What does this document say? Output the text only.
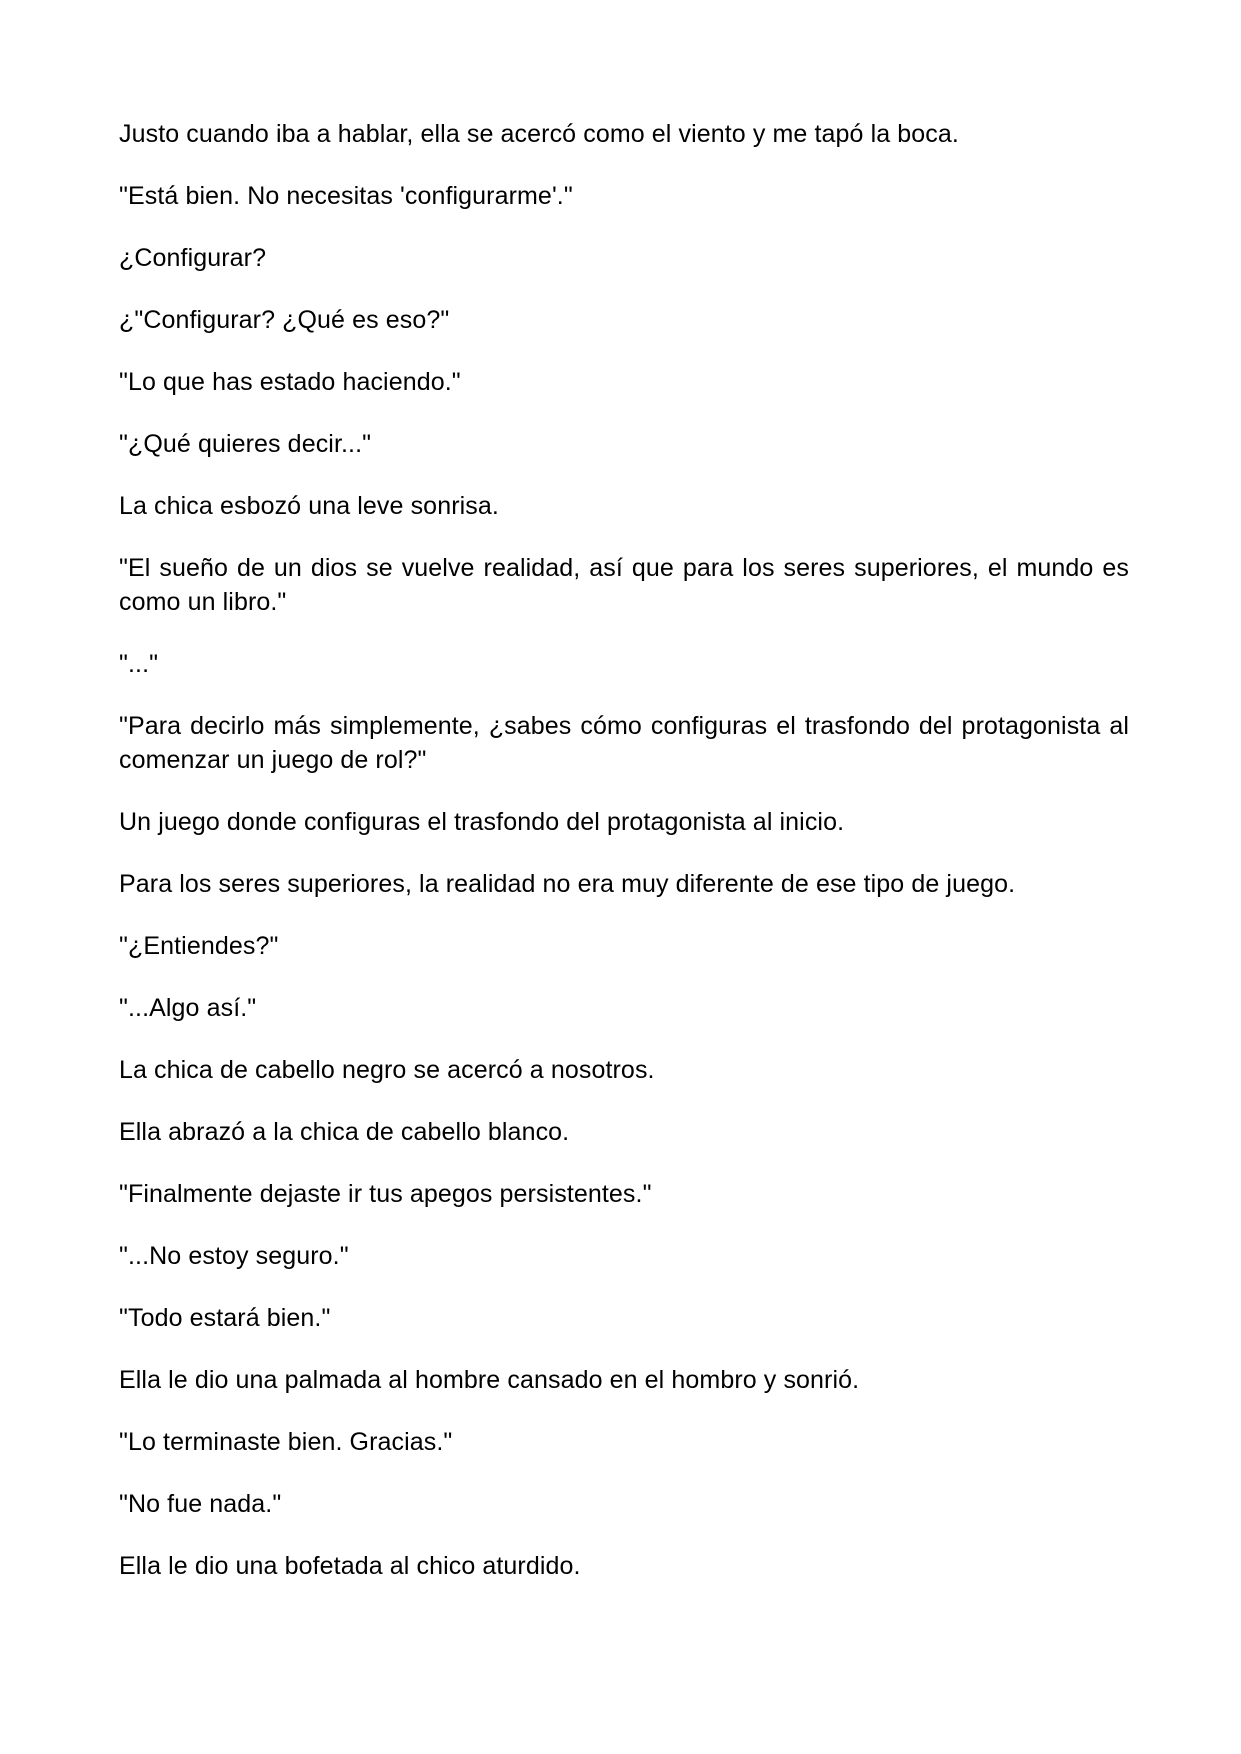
Justo cuando iba a hablar, ella se acercó como el viento y me tapó la boca.

"Está bien. No necesitas 'configurarme'."

¿Configurar?

¿"Configurar? ¿Qué es eso?"

"Lo que has estado haciendo."

"¿Qué quieres decir..."

La chica esbozó una leve sonrisa.

"El sueño de un dios se vuelve realidad, así que para los seres superiores, el mundo es como un libro."

"..."

"Para decirlo más simplemente, ¿sabes cómo configuras el trasfondo del protagonista al comenzar un juego de rol?"

Un juego donde configuras el trasfondo del protagonista al inicio.

Para los seres superiores, la realidad no era muy diferente de ese tipo de juego.

"¿Entiendes?"

"...Algo así."

La chica de cabello negro se acercó a nosotros.

Ella abrazó a la chica de cabello blanco.

"Finalmente dejaste ir tus apegos persistentes."

"...No estoy seguro."

"Todo estará bien."

Ella le dio una palmada al hombre cansado en el hombro y sonrió.

"Lo terminaste bien. Gracias."

"No fue nada."

Ella le dio una bofetada al chico aturdido.
